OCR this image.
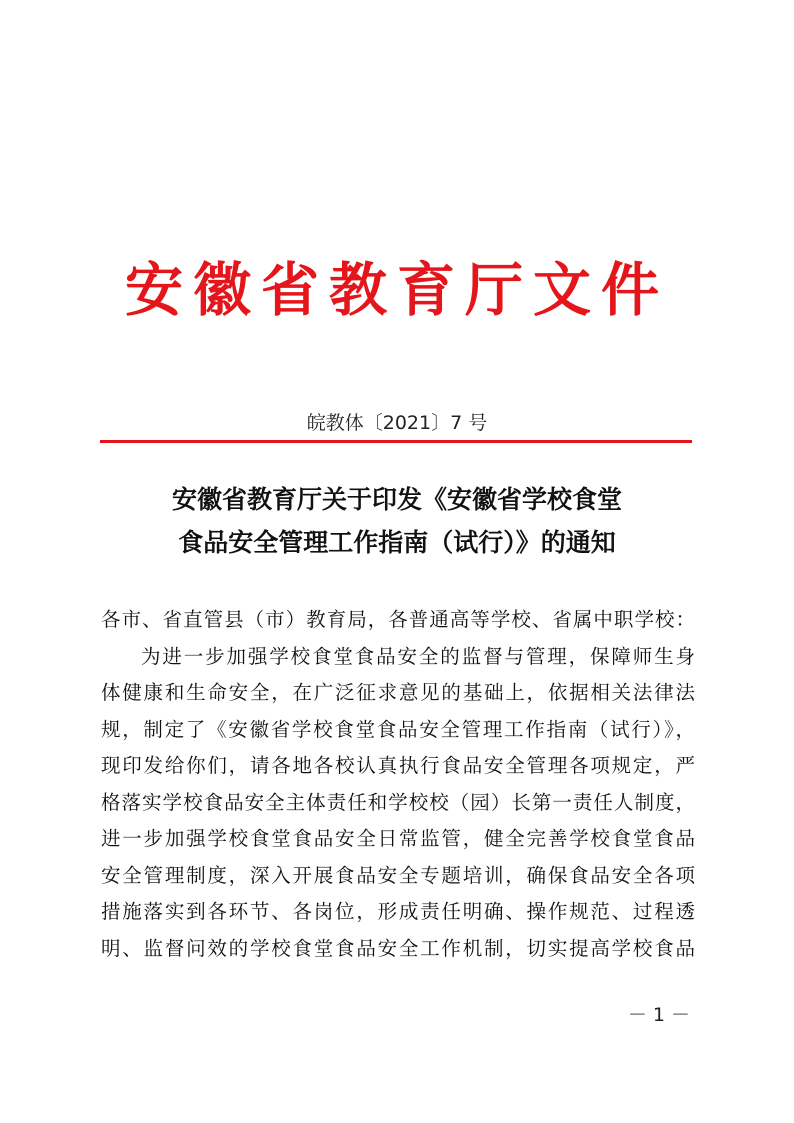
安徽省教育厅文件
皖教体〔2021〕7 号
安徽省教育厅关于印发《安徽省学校食堂
食品安全管理工作指南（试行）》的通知
各市、省直管县（市）教育局，各普通高等学校、省属中职学校：
为进一步加强学校食堂食品安全的监督与管理，保障师生身
体健康和生命安全，在广泛征求意见的基础上，依据相关法律法
规，制定了《安徽省学校食堂食品安全管理工作指南（试行）》，
现印发给你们，请各地各校认真执行食品安全管理各项规定，严
格落实学校食品安全主体责任和学校校（园）长第一责任人制度，
进一步加强学校食堂食品安全日常监管，健全完善学校食堂食品
安全管理制度，深入开展食品安全专题培训，确保食品安全各项
措施落实到各环节、各岗位，形成责任明确、操作规范、过程透
明、监督问效的学校食堂食品安全工作机制，切实提高学校食品
－ 1 －
